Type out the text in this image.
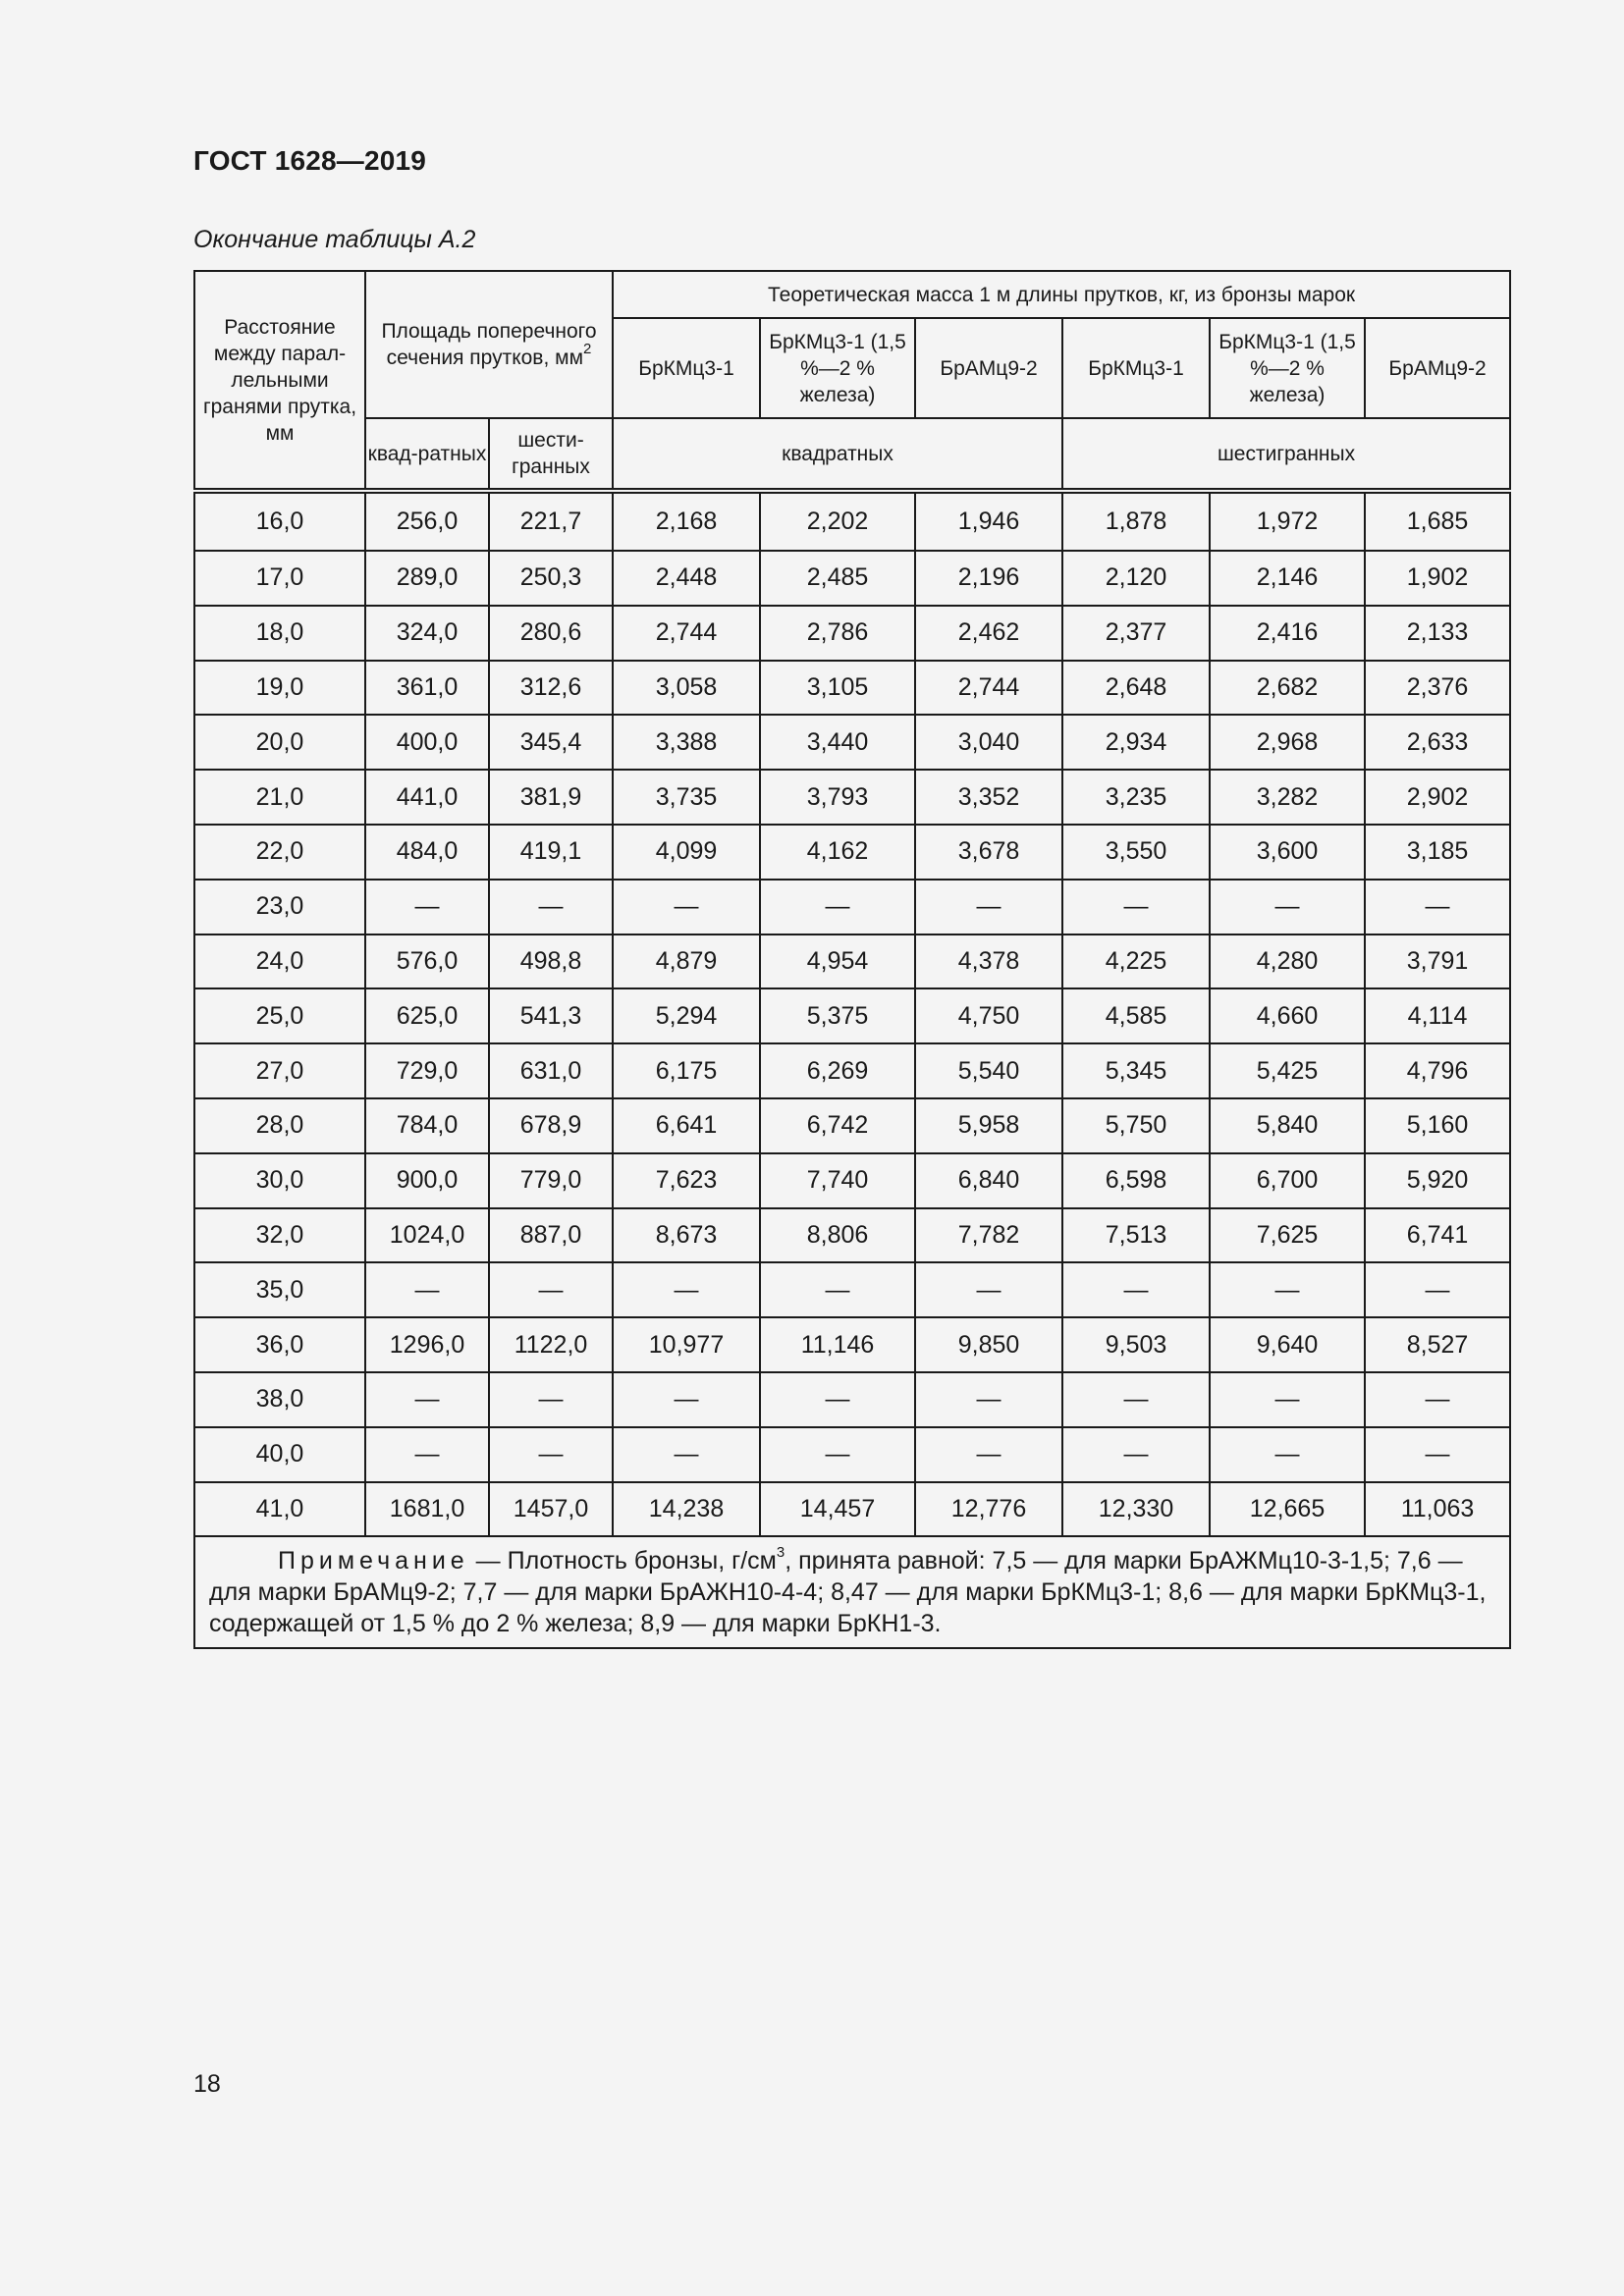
ГОСТ 1628—2019
Окончание таблицы А.2
Расстояние между парал-лельными гранями прутка, мм	Площадь поперечного сечения прутков, $мм^2$		Теоретическая масса 1 м длины прутков, кг, из бронзы марок					
			БрКМц3-1	БрКМц3-1 (1,5 %—2 % железа)	БрАМц9-2	БрКМц3-1	БрКМц3-1 (1,5 %—2 % железа)	БрАМц9-2
	квад-ратных	шести-гранных	квадратных			шестигранных		
16,0	256,0	221,7	2,168	2,202	1,946	1,878	1,972	1,685
17,0	289,0	250,3	2,448	2,485	2,196	2,120	2,146	1,902
18,0	324,0	280,6	2,744	2,786	2,462	2,377	2,416	2,133
19,0	361,0	312,6	3,058	3,105	2,744	2,648	2,682	2,376
20,0	400,0	345,4	3,388	3,440	3,040	2,934	2,968	2,633
21,0	441,0	381,9	3,735	3,793	3,352	3,235	3,282	2,902
22,0	484,0	419,1	4,099	4,162	3,678	3,550	3,600	3,185
23,0	—	—	—	—	—	—	—	—
24,0	576,0	498,8	4,879	4,954	4,378	4,225	4,280	3,791
25,0	625,0	541,3	5,294	5,375	4,750	4,585	4,660	4,114
27,0	729,0	631,0	6,175	6,269	5,540	5,345	5,425	4,796
28,0	784,0	678,9	6,641	6,742	5,958	5,750	5,840	5,160
30,0	900,0	779,0	7,623	7,740	6,840	6,598	6,700	5,920
32,0	1024,0	887,0	8,673	8,806	7,782	7,513	7,625	6,741
35,0	—	—	—	—	—	—	—	—
36,0	1296,0	1122,0	10,977	11,146	9,850	9,503	9,640	8,527
38,0	—	—	—	—	—	—	—	—
40,0	—	—	—	—	—	—	—	—
41,0	1681,0	1457,0	14,238	14,457	12,776	12,330	12,665	11,063

Примечание — Плотность бронзы, $г/см^3$, принята равной: 7,5 — для марки БрАЖМц10-3-1,5; 7,6 — для марки БрАМц9-2; 7,7 — для марки БрАЖН10-4-4; 8,47 — для марки БрКМц3-1; 8,6 — для марки БрКМц3-1, содержащей от 1,5 % до 2 % железа; 8,9 — для марки БрКН1-3.								
18
